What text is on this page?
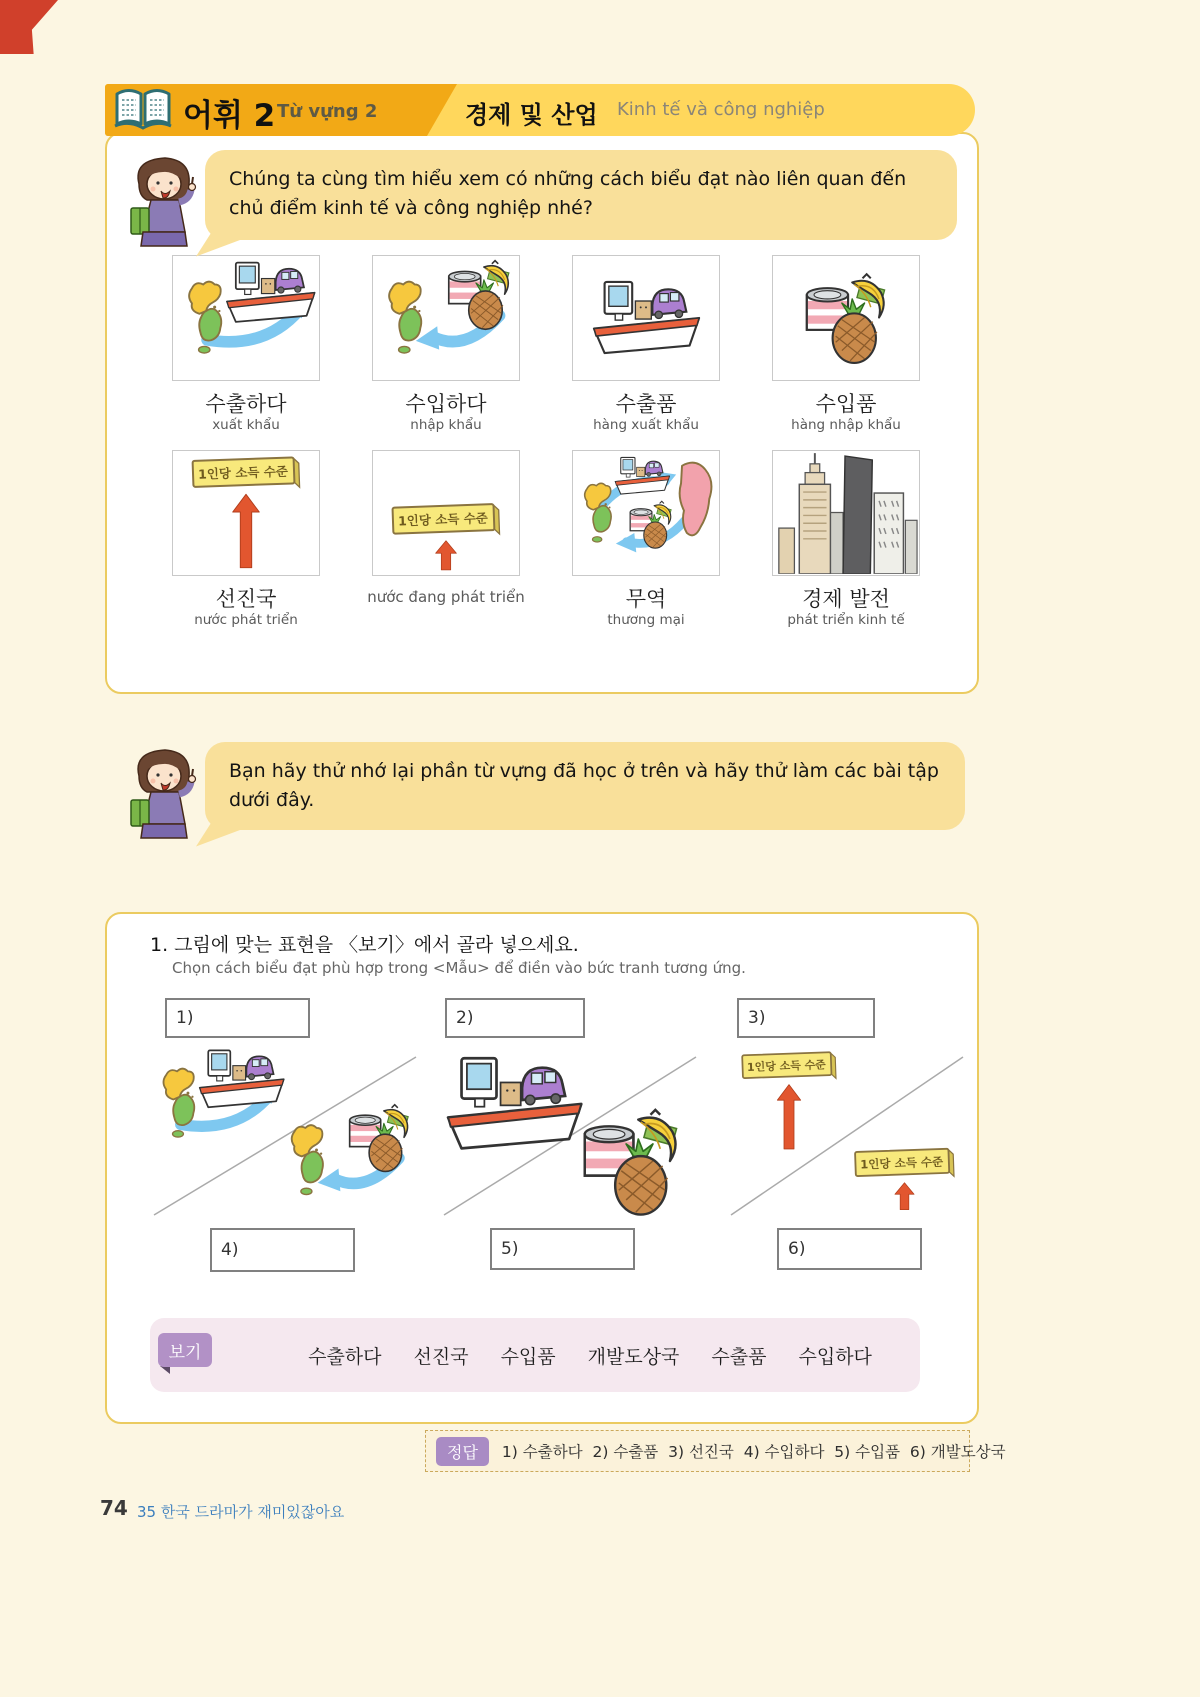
어휘 2 Từ vựng 2	경제 및 산업 Kinh tế và công nghiệp
Chúng ta cùng tìm hiểu xem có những cách biểu đạt nào liên quan đến chủ điểm kinh tế và công nghiệp nhé?
수출하다
xuất khẩu
수입하다
nhập khẩu
수출품
hàng xuất khẩu
수입품
hàng nhập khẩu
선진국
nước phát triển
nước đang phát triển	무역
thương mại
경제 발전
phát triển kinh tế
Bạn hãy thử nhớ lại phần từ vựng đã học ở trên và hãy thử làm các bài tập dưới đây.
1. 그림에 맞는 표현을 〈보기〉에서 골라 넣으세요.
Chọn cách biểu đạt phù hợp trong <Mẫu> để điền vào bức tranh tương ứng.
1)	2)	3)
4)	5)	6)
보기	수출하다 선진국 수입품 개발도상국 수출품 수입하다
정답	1) 수출하다  2) 수출품  3) 선진국  4) 수입하다  5) 수입품  6) 개발도상국
74 35 한국 드라마가 재미있잖아요
